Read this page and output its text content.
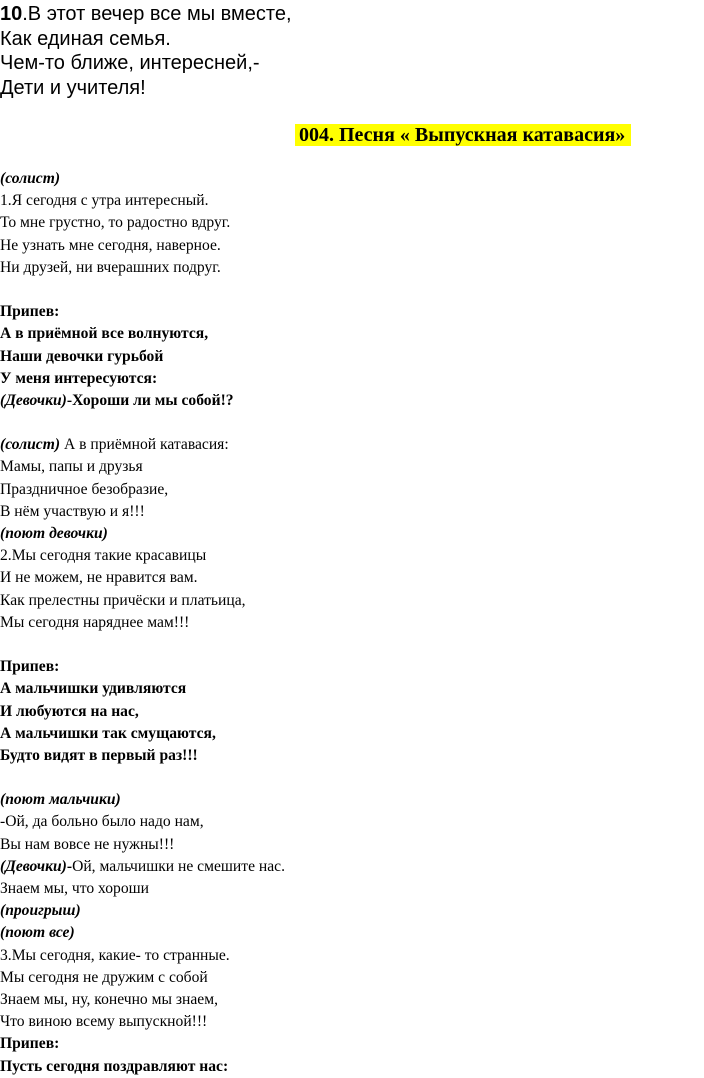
10.В этот вечер все мы вместе,
Как единая семья.
Чем-то ближе, интересней,-
Дети и учителя!
004. Песня « Выпускная катавасия»
(солист)
1.Я сегодня с утра интересный.
То мне грустно, то радостно вдруг.
Не узнать мне сегодня, наверное.
Ни друзей, ни вчерашних подруг.
Припев:
А в приёмной все волнуются,
Наши девочки гурьбой
У меня интересуются:
(Девочки)-Хороши ли мы собой!?
(солист) А в приёмной катавасия:
Мамы, папы и друзья
Праздничное безобразие,
В нём участвую и я!!!
(поют девочки)
2.Мы сегодня такие красавицы
И не можем, не нравится вам.
Как прелестны причёски и платьица,
Мы сегодня наряднее мам!!!
Припев:
А мальчишки удивляются
И любуются на нас,
А мальчишки так смущаются,
Будто видят в первый раз!!!
(поют мальчики)
-Ой, да больно было надо нам,
Вы нам вовсе не нужны!!!
(Девочки)-Ой, мальчишки не смешите нас.
Знаем мы, что хороши
(проигрыш)
(поют все)
3.Мы сегодня, какие- то странные.
Мы сегодня не дружим с собой
Знаем мы, ну, конечно мы знаем,
Что виною всему выпускной!!!
Припев:
Пусть сегодня поздравляют нас:
